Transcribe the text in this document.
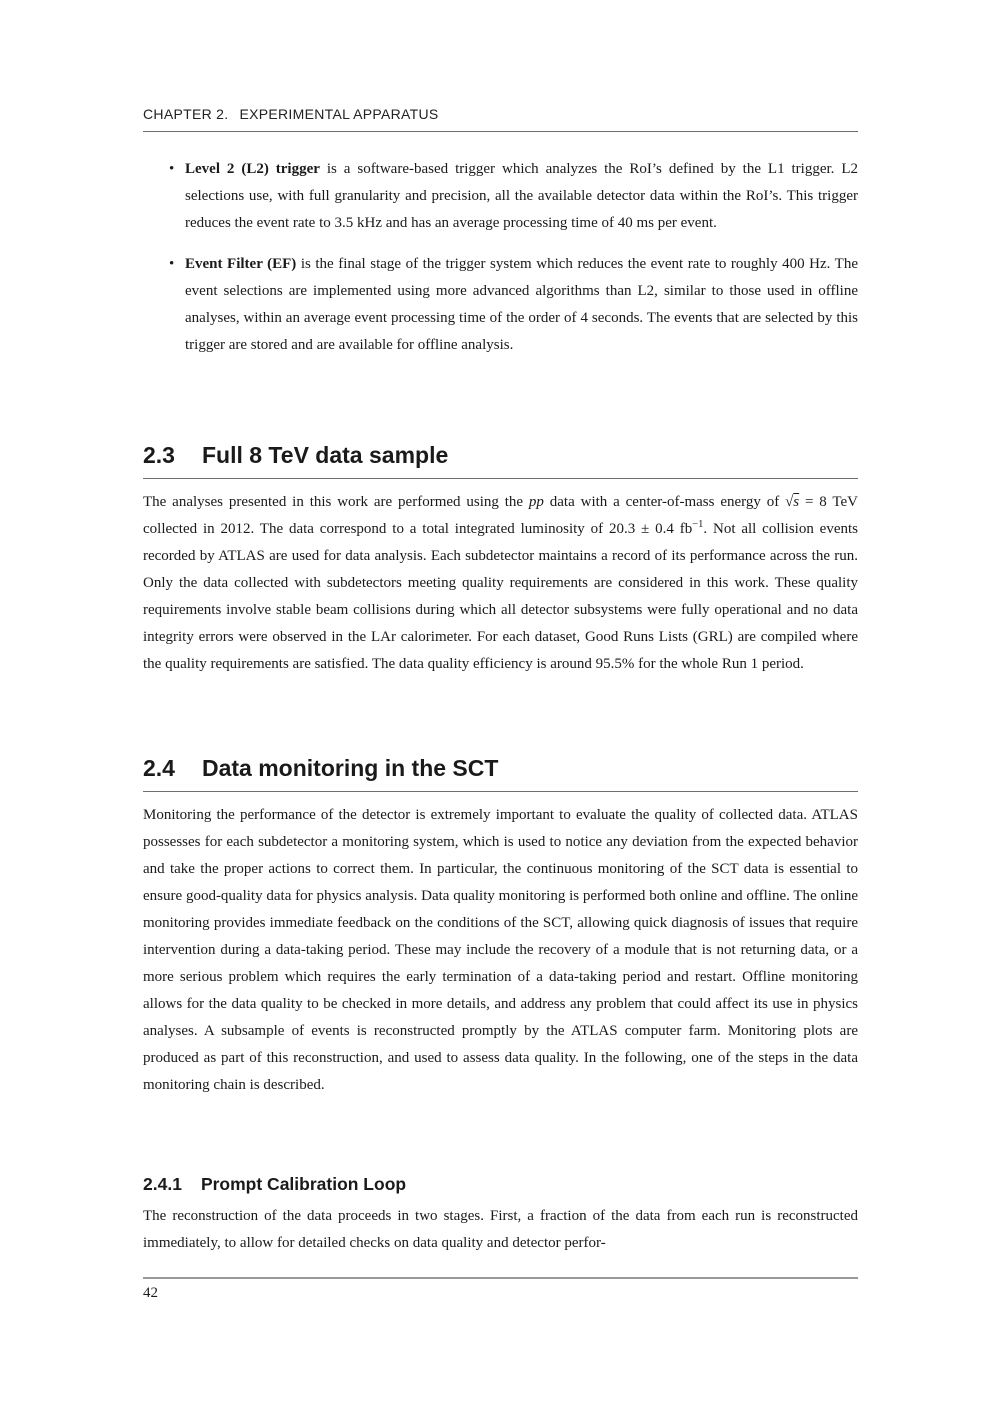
CHAPTER 2. EXPERIMENTAL APPARATUS
• Level 2 (L2) trigger is a software-based trigger which analyzes the RoI’s defined by the L1 trigger. L2 selections use, with full granularity and precision, all the available detector data within the RoI’s. This trigger reduces the event rate to 3.5 kHz and has an average processing time of 40 ms per event.
• Event Filter (EF) is the final stage of the trigger system which reduces the event rate to roughly 400 Hz. The event selections are implemented using more advanced algorithms than L2, similar to those used in offline analyses, within an average event processing time of the order of 4 seconds. The events that are selected by this trigger are stored and are available for offline analysis.
2.3 Full 8 TeV data sample

The analyses presented in this work are performed using the pp data with a center-of-mass energy of √s = 8 TeV collected in 2012. The data correspond to a total integrated luminosity of 20.3 ± 0.4 $fb^{-1}$. Not all collision events recorded by ATLAS are used for data analysis. Each subdetector maintains a record of its performance across the run. Only the data collected with subdetectors meeting quality requirements are considered in this work. These quality requirements involve stable beam collisions during which all detector subsystems were fully operational and no data integrity errors were observed in the LAr calorimeter. For each dataset, Good Runs Lists (GRL) are compiled where the quality requirements are satisfied. The data quality efficiency is around 95.5% for the whole Run 1 period.

2.4 Data monitoring in the SCT

Monitoring the performance of the detector is extremely important to evaluate the quality of collected data. ATLAS possesses for each subdetector a monitoring system, which is used to notice any deviation from the expected behavior and take the proper actions to correct them. In particular, the continuous monitoring of the SCT data is essential to ensure good-quality data for physics analysis. Data quality monitoring is performed both online and offline. The online monitoring provides immediate feedback on the conditions of the SCT, allowing quick diagnosis of issues that require intervention during a data-taking period. These may include the recovery of a module that is not returning data, or a more serious problem which requires the early termination of a data-taking period and restart. Offline monitoring allows for the data quality to be checked in more details, and address any problem that could affect its use in physics analyses. A subsample of events is reconstructed promptly by the ATLAS computer farm. Monitoring plots are produced as part of this reconstruction, and used to assess data quality. In the following, one of the steps in the data monitoring chain is described.

2.4.1 Prompt Calibration Loop

The reconstruction of the data proceeds in two stages. First, a fraction of the data from each run is reconstructed immediately, to allow for detailed checks on data quality and detector perfor-

42
